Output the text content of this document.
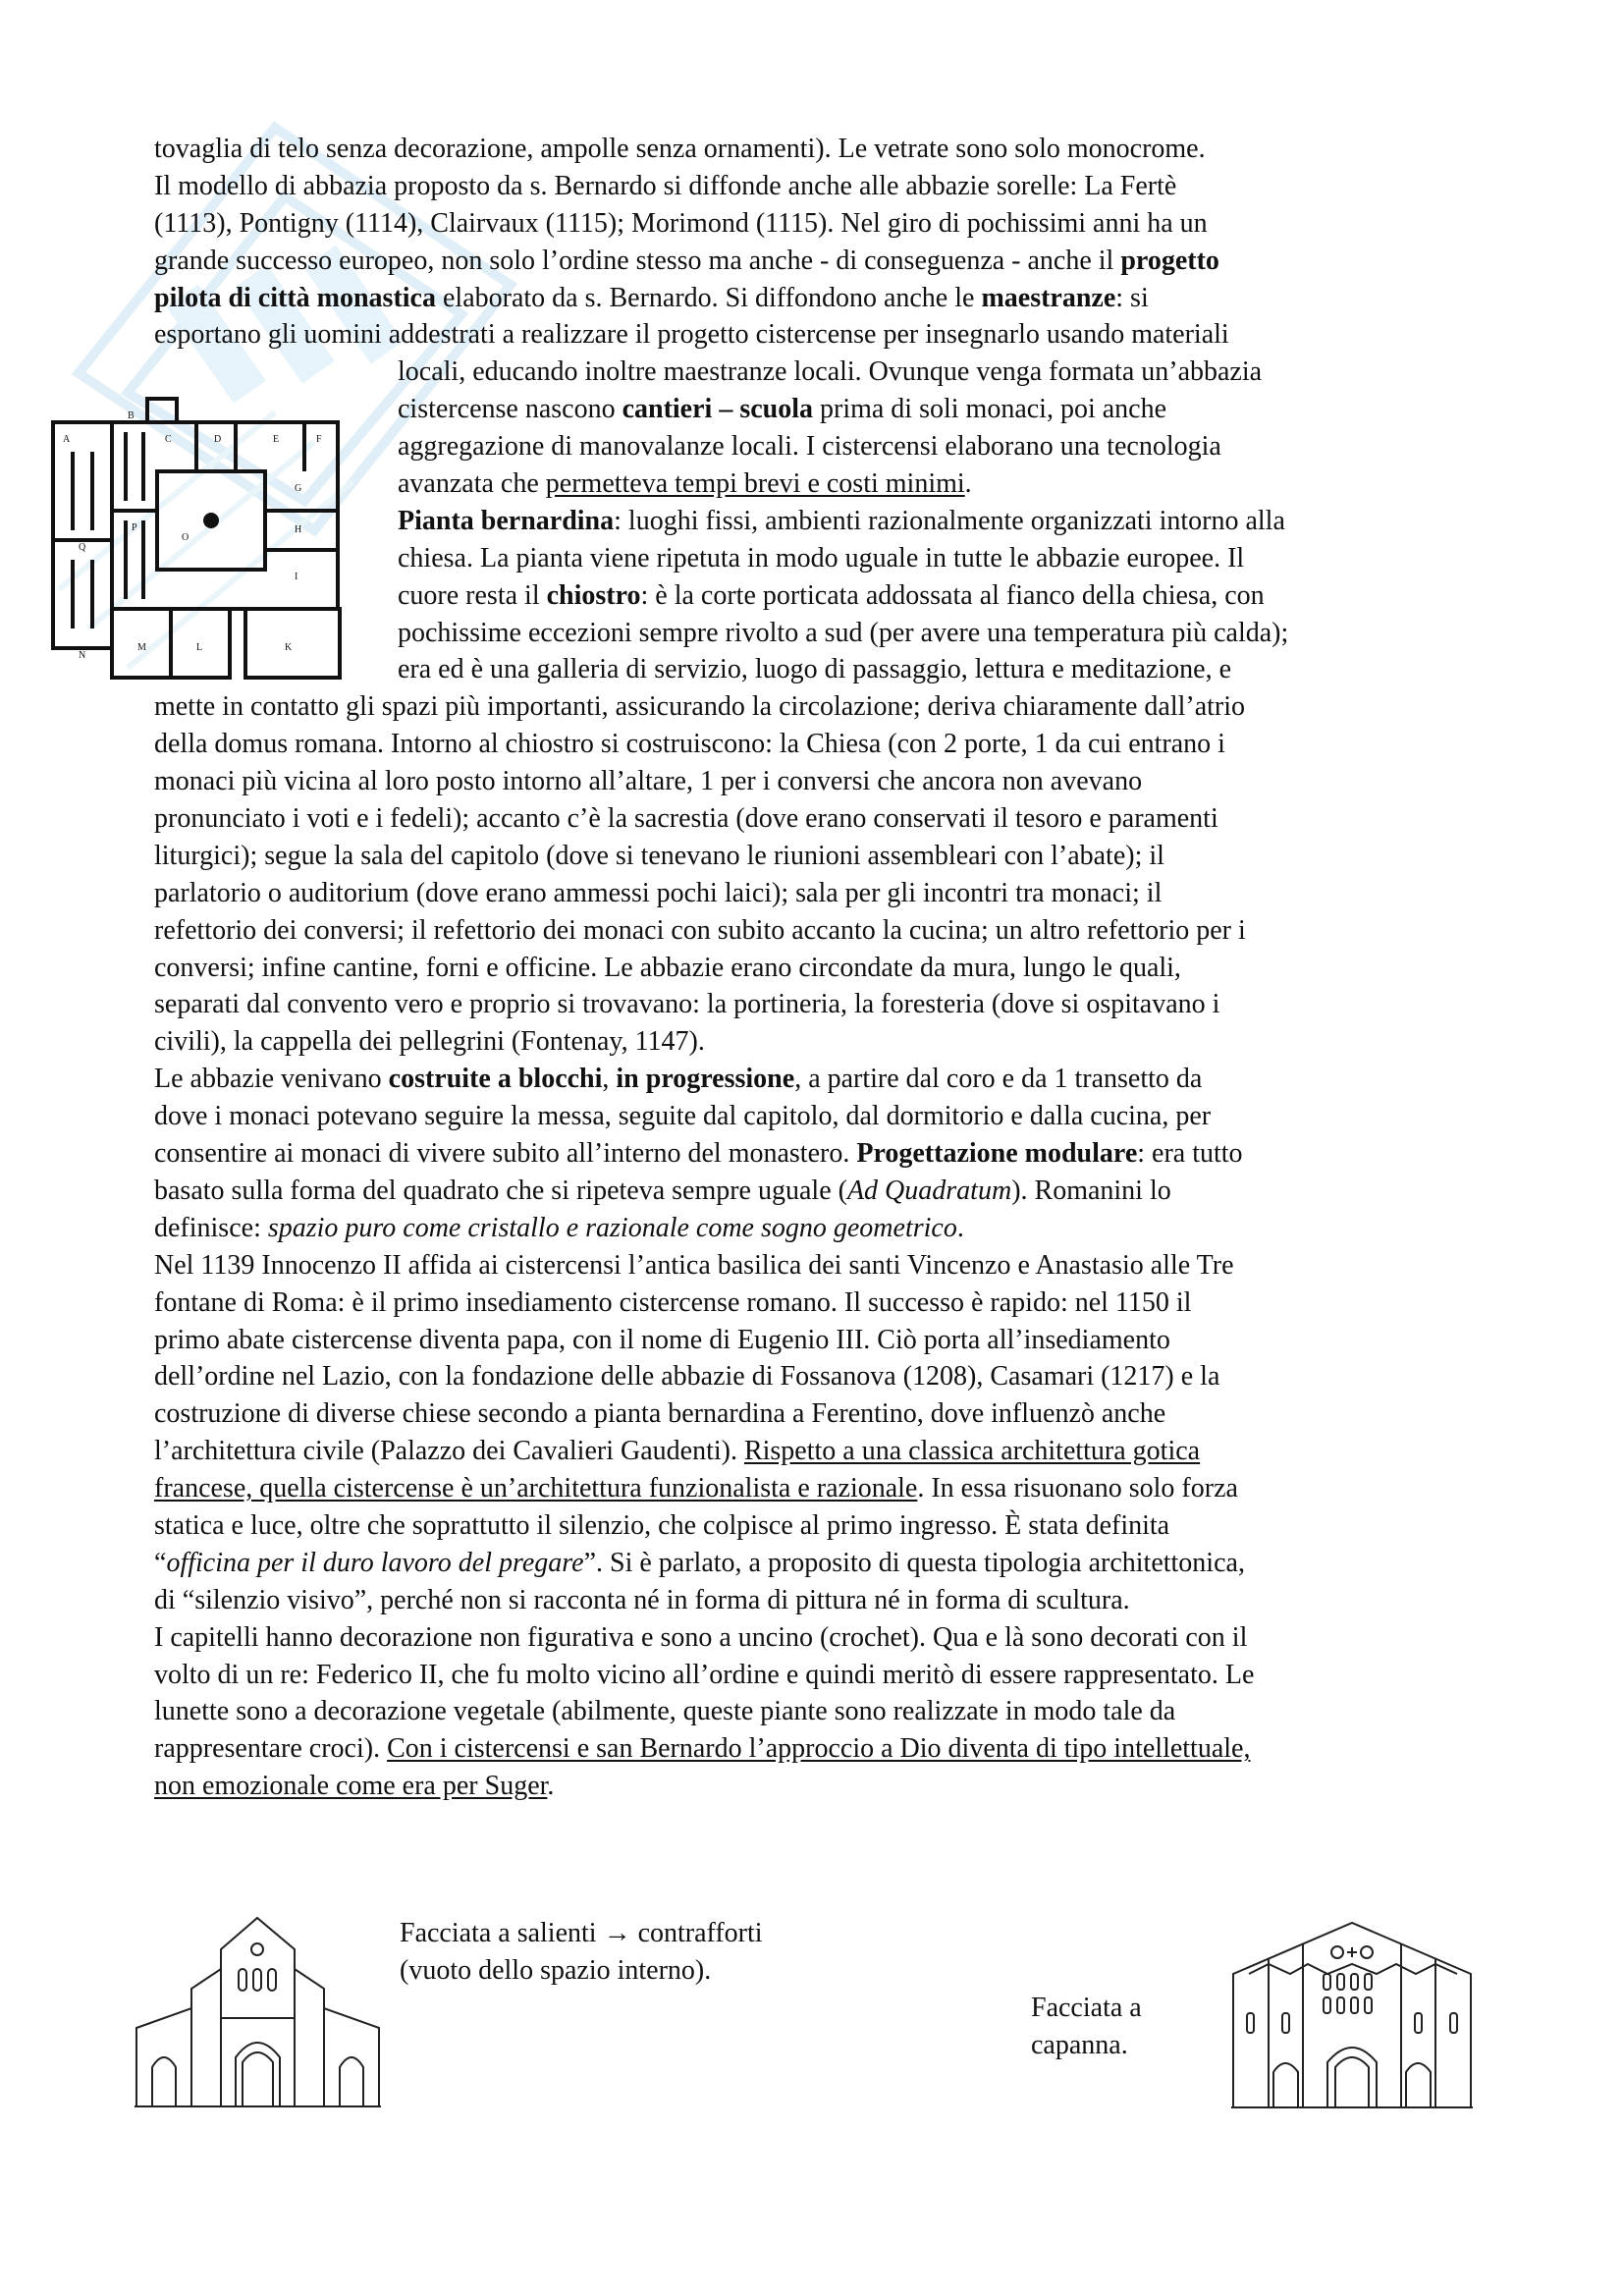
tovaglia di telo senza decorazione, ampolle senza ornamenti). Le vetrate sono solo monocrome.
Il modello di abbazia proposto da s. Bernardo si diffonde anche alle abbazie sorelle: La Fertè
(1113), Pontigny (1114), Clairvaux (1115); Morimond (1115). Nel giro di pochissimi anni ha un
grande successo europeo, non solo l’ordine stesso ma anche - di conseguenza - anche il progetto
pilota di città monastica elaborato da s. Bernardo. Si diffondono anche le maestranze: si
esportano gli uomini addestrati a realizzare il progetto cistercense per insegnarlo usando materiali
locali, educando inoltre maestranze locali. Ovunque venga formata un’abbazia
cistercense nascono cantieri – scuola prima di soli monaci, poi anche
aggregazione di manovalanze locali. I cistercensi elaborano una tecnologia
avanzata che permetteva tempi brevi e costi minimi.
Pianta bernardina: luoghi fissi, ambienti razionalmente organizzati intorno alla
chiesa. La pianta viene ripetuta in modo uguale in tutte le abbazie europee. Il
cuore resta il chiostro: è la corte porticata addossata al fianco della chiesa, con
pochissime eccezioni sempre rivolto a sud (per avere una temperatura più calda);
era ed è una galleria di servizio, luogo di passaggio, lettura e meditazione, e
mette in contatto gli spazi più importanti, assicurando la circolazione; deriva chiaramente dall’atrio
della domus romana. Intorno al chiostro si costruiscono: la Chiesa (con 2 porte, 1 da cui entrano i
monaci più vicina al loro posto intorno all’altare, 1 per i conversi che ancora non avevano
pronunciato i voti e i fedeli); accanto c’è la sacrestia (dove erano conservati il tesoro e paramenti
liturgici); segue la sala del capitolo (dove si tenevano le riunioni assembleari con l’abate); il
parlatorio o auditorium (dove erano ammessi pochi laici); sala per gli incontri tra monaci; il
refettorio dei conversi; il refettorio dei monaci con subito accanto la cucina; un altro refettorio per i
conversi; infine cantine, forni e officine. Le abbazie erano circondate da mura, lungo le quali,
separati dal convento vero e proprio si trovavano: la portineria, la foresteria (dove si ospitavano i
civili), la cappella dei pellegrini (Fontenay, 1147).
Le abbazie venivano costruite a blocchi, in progressione, a partire dal coro e da 1 transetto da
dove i monaci potevano seguire la messa, seguite dal capitolo, dal dormitorio e dalla cucina, per
consentire ai monaci di vivere subito all’interno del monastero. Progettazione modulare: era tutto
basato sulla forma del quadrato che si ripeteva sempre uguale (Ad Quadratum). Romanini lo
definisce: spazio puro come cristallo e razionale come sogno geometrico.
Nel 1139 Innocenzo II affida ai cistercensi l’antica basilica dei santi Vincenzo e Anastasio alle Tre
fontane di Roma: è il primo insediamento cistercense romano. Il successo è rapido: nel 1150 il
primo abate cistercense diventa papa, con il nome di Eugenio III. Ciò porta all’insediamento
dell’ordine nel Lazio, con la fondazione delle abbazie di Fossanova (1208), Casamari (1217) e la
costruzione di diverse chiese secondo a pianta bernardina a Ferentino, dove influenzò anche
l’architettura civile (Palazzo dei Cavalieri Gaudenti). Rispetto a una classica architettura gotica
francese, quella cistercense è un’architettura funzionalista e razionale. In essa risuonano solo forza
statica e luce, oltre che soprattutto il silenzio, che colpisce al primo ingresso. È stata definita
“officina per il duro lavoro del pregare”. Si è parlato, a proposito di questa tipologia architettonica,
di “silenzio visivo”, perché non si racconta né in forma di pittura né in forma di scultura.
I capitelli hanno decorazione non figurativa e sono a uncino (crochet). Qua e là sono decorati con il
volto di un re: Federico II, che fu molto vicino all’ordine e quindi meritò di essere rappresentato. Le
lunette sono a decorazione vegetale (abilmente, queste piante sono realizzate in modo tale da
rappresentare croci). Con i cistercensi e san Bernardo l’approccio a Dio diventa di tipo intellettuale,
non emozionale come era per Suger.
A
B
C	D	E	F
G
H
I
K
L
M
N
O
P
Q
Facciata a salienti → contrafforti
(vuoto dello spazio interno).
Facciata a
capanna.
